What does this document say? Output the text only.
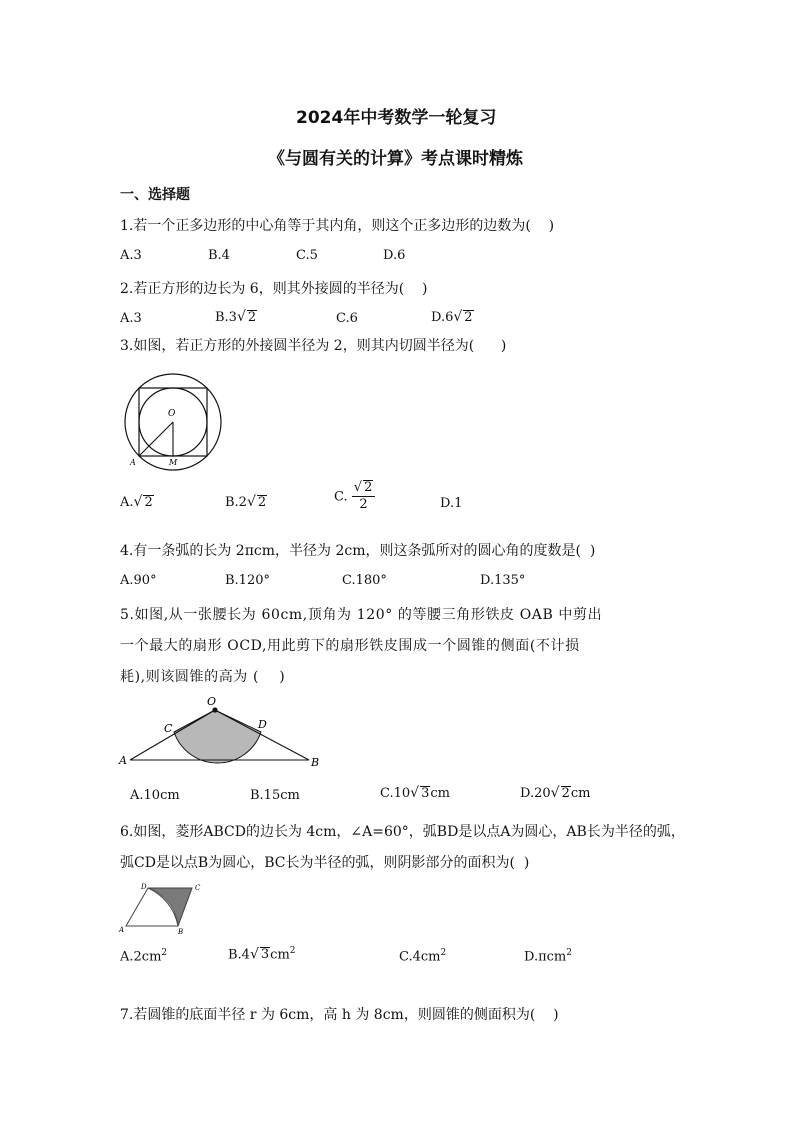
2024年中考数学一轮复习
《与圆有关的计算》考点课时精炼
一、选择题
1.若一个正多边形的中心角等于其内角，则这个正多边形的边数为(    )
A.3	B.4	C.5	D.6
2.若正方形的边长为 6，则其外接圆的半径为(    )
A.3	B.3√ 2	C.6	D.6√ 2
3.如图，若正方形的外接圆半径为 2，则其内切圆半径为(      )
O
A	M
A.√ 2	B.2√ 2	C. $\frac{√ 2}{2}$	D.1
4.有一条弧的长为 2πcm，半径为 2cm，则这条弧所对的圆心角的度数是(  )
A.90°	B.120°	C.180°	D.135°
5.如图,从一张腰长为 60cm,顶角为 120° 的等腰三角形铁皮 OAB 中剪出
一个最大的扇形 OCD,用此剪下的扇形铁皮围成一个圆锥的侧面(不计损
耗),则该圆锥的高为 (    )
O
C	D
A	B
A.10cm	B.15cm	C.10√ 3cm	D.20√ 2cm
6.如图，菱形ABCD的边长为 4cm，∠A=60°，弧BD是以点A为圆心，AB长为半径的弧，
弧CD是以点B为圆心，BC长为半径的弧，则阴影部分的面积为(  )
D	C
A	B
$A.2cm^2$	B.4√ $3cm^2$	$C.4cm^2$	D.πcm$^2$
7.若圆锥的底面半径 r 为 6cm，高 h 为 8cm，则圆锥的侧面积为(    )
